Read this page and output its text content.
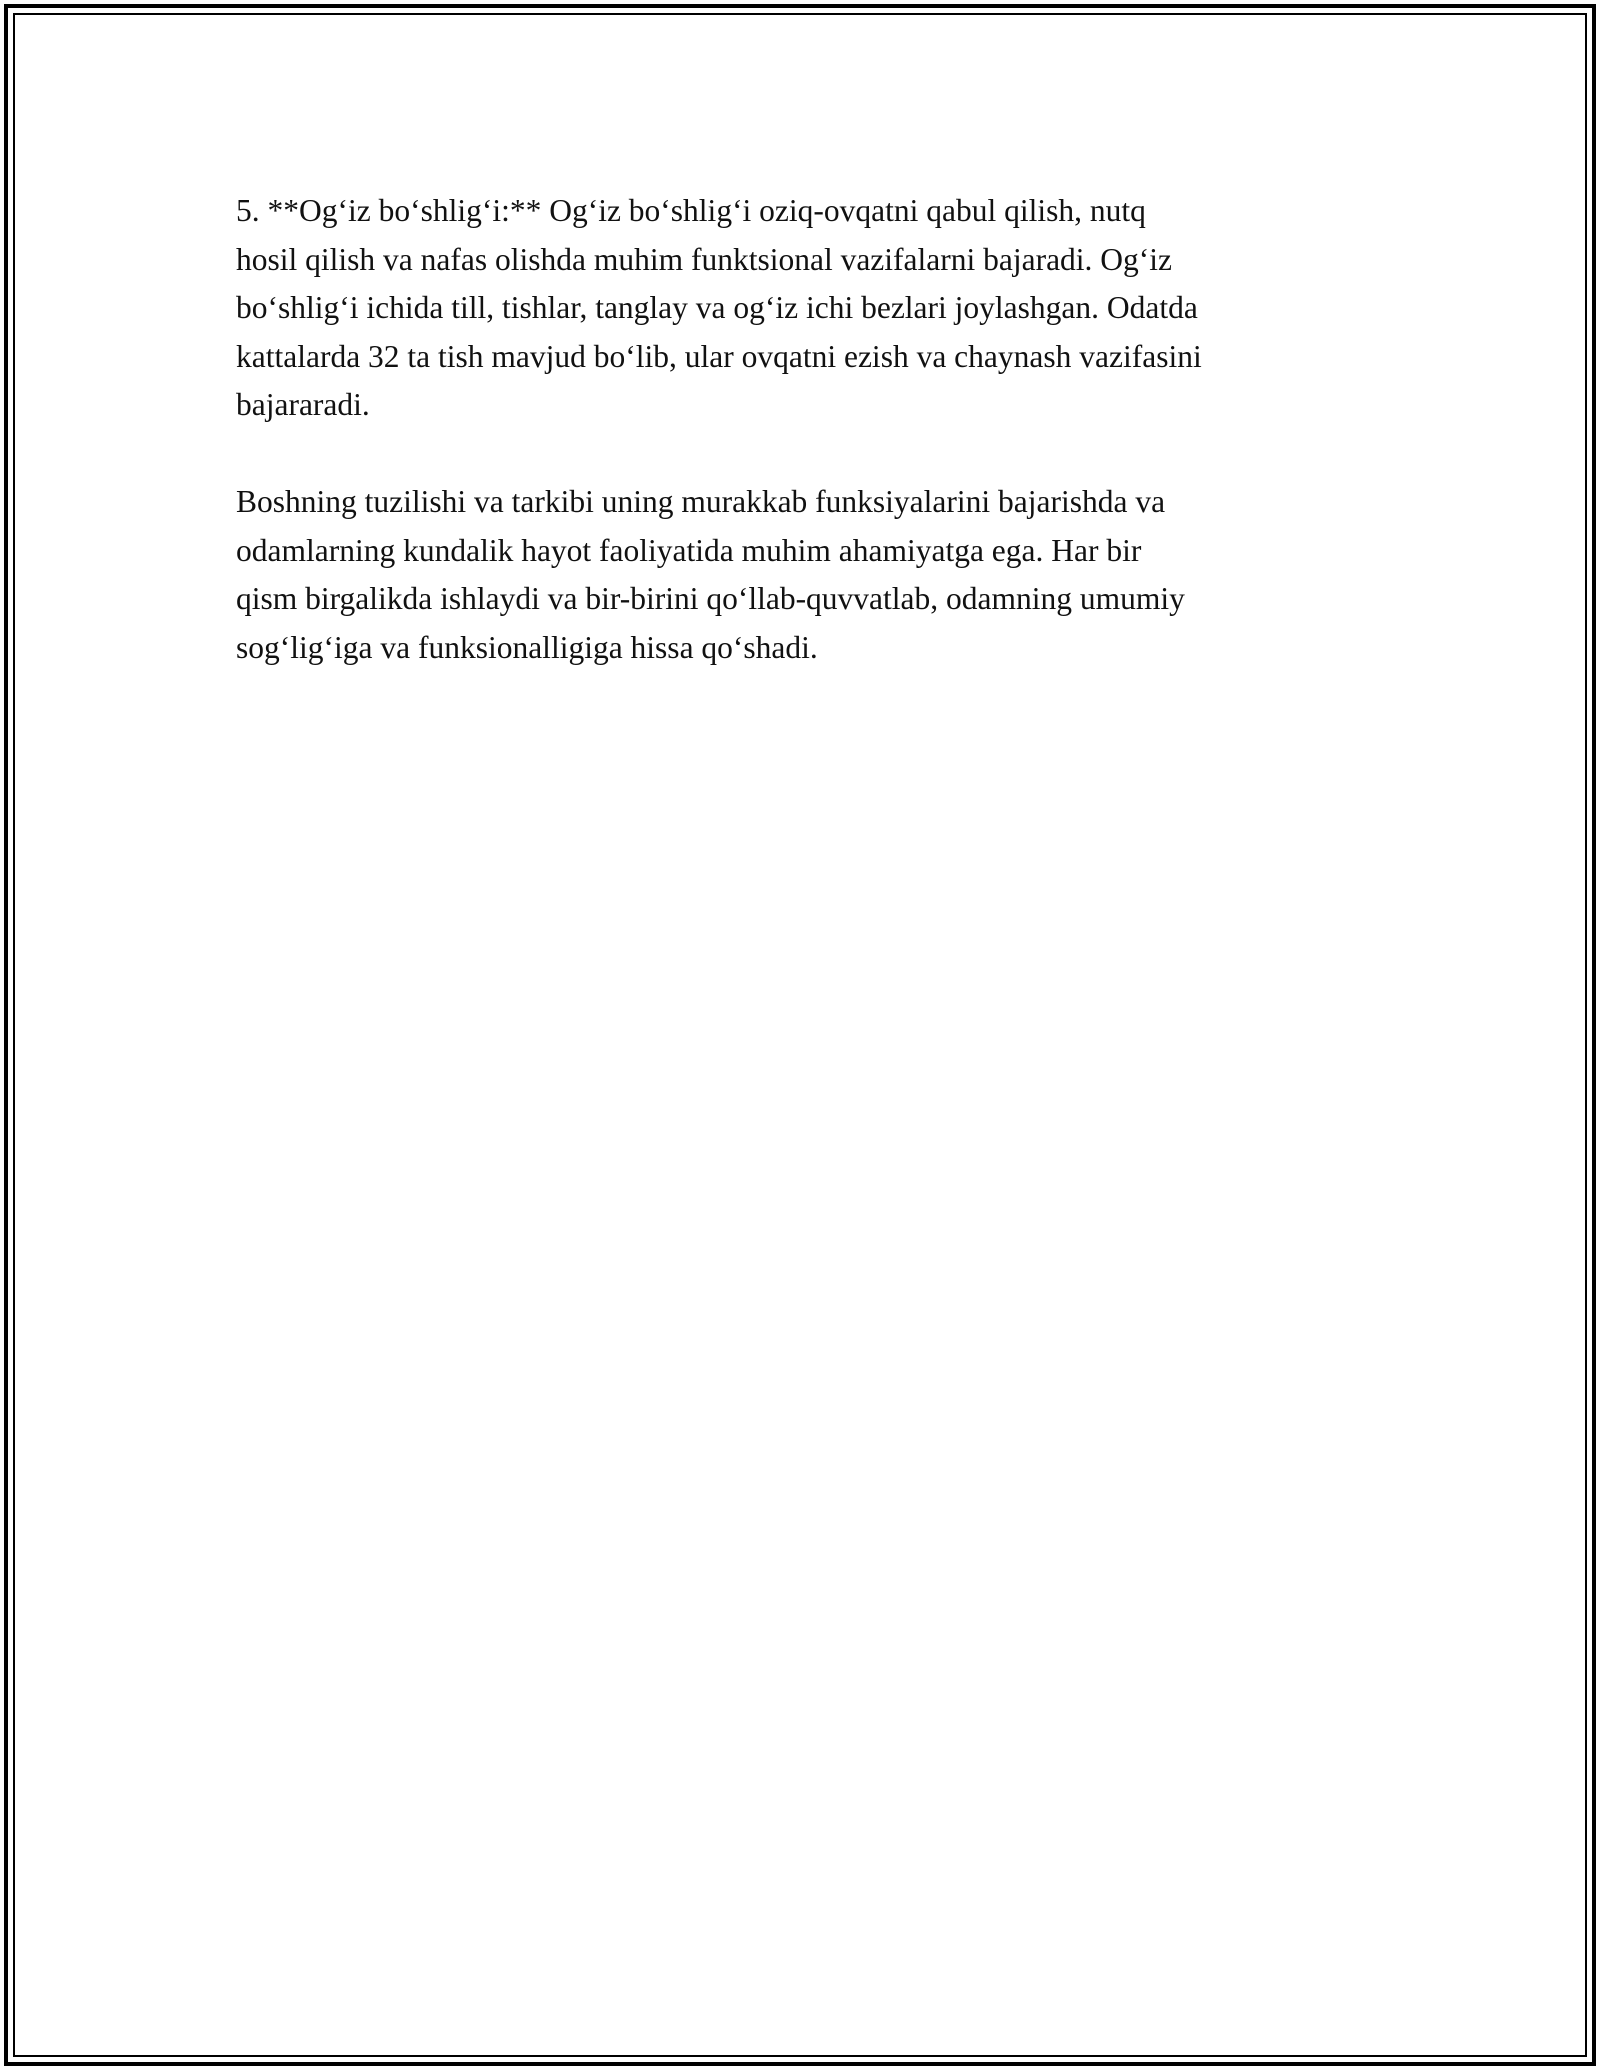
5. **Og‘iz bo‘shlig‘i:** Og‘iz bo‘shlig‘i oziq-ovqatni qabul qilish, nutq
hosil qilish va nafas olishda muhim funktsional vazifalarni bajaradi. Og‘iz
bo‘shlig‘i ichida till, tishlar, tanglay va og‘iz ichi bezlari joylashgan. Odatda
kattalarda 32 ta tish mavjud bo‘lib, ular ovqatni ezish va chaynash vazifasini
bajararadi.

Boshning tuzilishi va tarkibi uning murakkab funksiyalarini bajarishda va
odamlarning kundalik hayot faoliyatida muhim ahamiyatga ega. Har bir
qism birgalikda ishlaydi va bir-birini qo‘llab-quvvatlab, odamning umumiy
sog‘lig‘iga va funksionalligiga hissa qo‘shadi.
